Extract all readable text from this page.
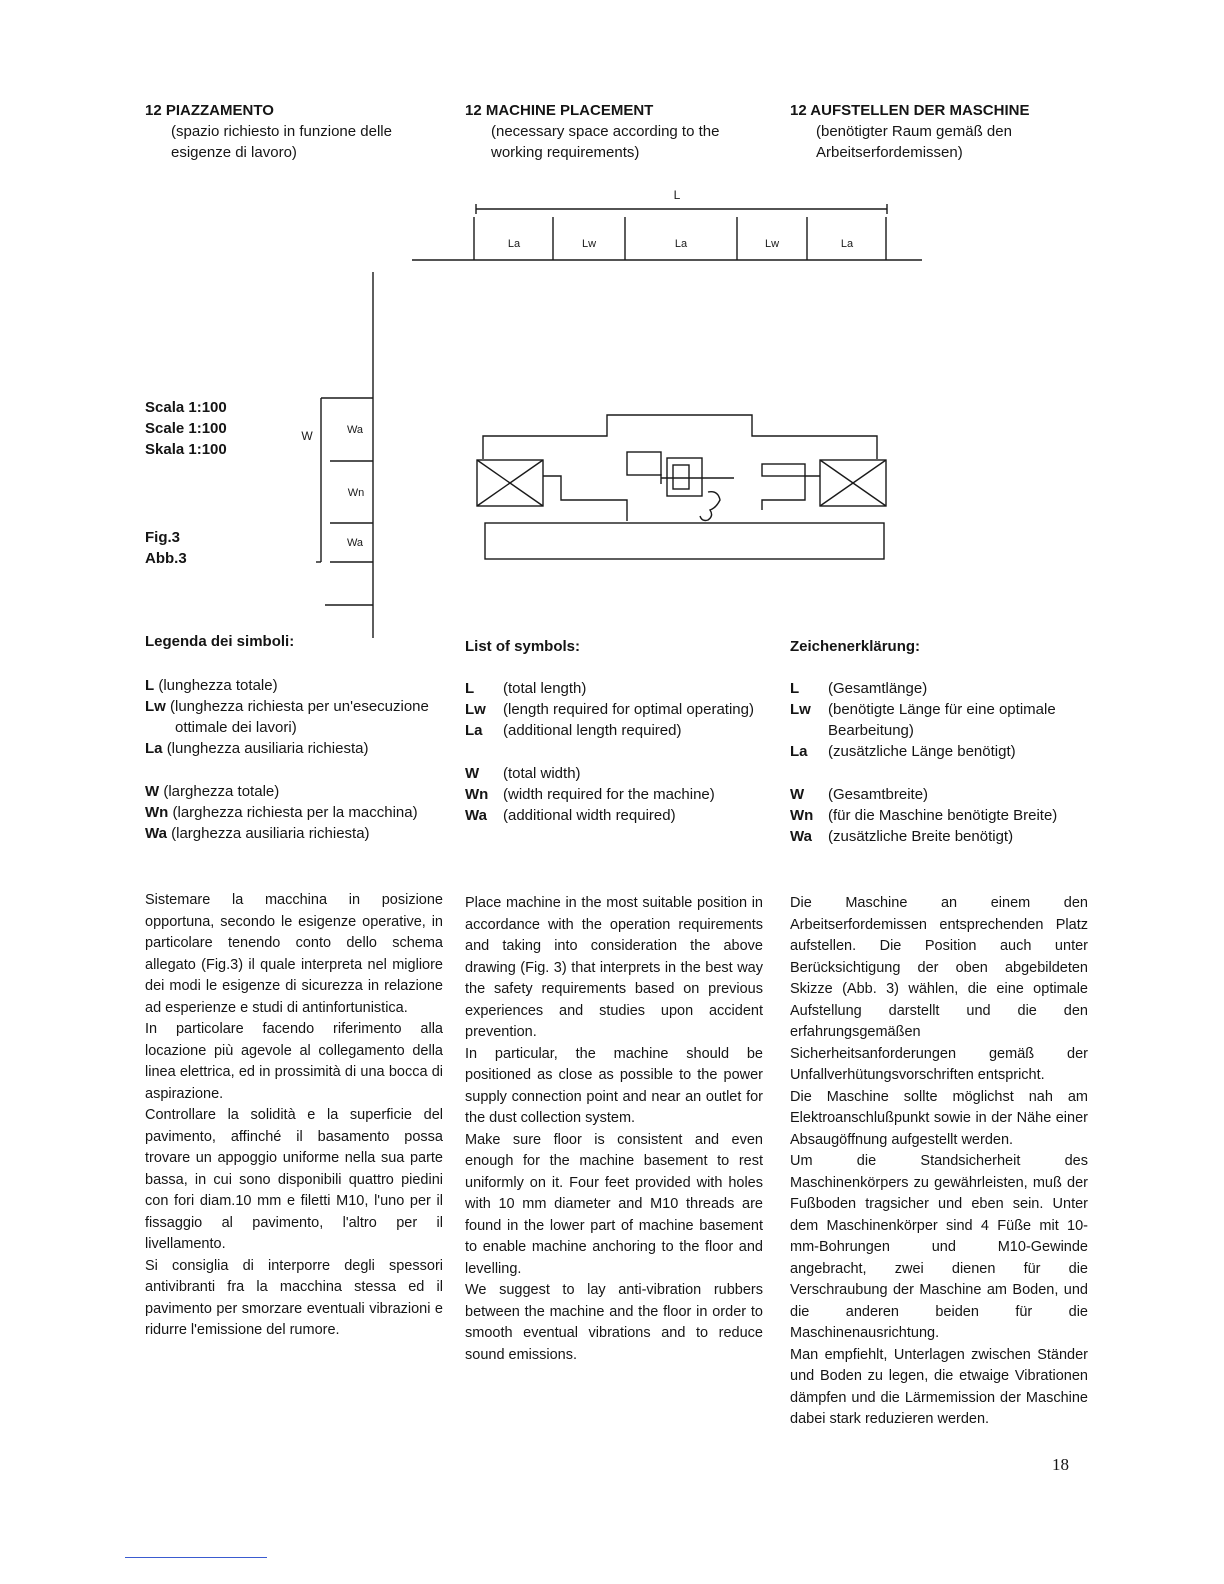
12 PIAZZAMENTO
(spazio richiesto in funzione delle
esigenze di lavoro)
12 MACHINE PLACEMENT
(necessary space according to the
working requirements)
12 AUFSTELLEN DER MASCHINE
(benötigter Raum gemäß den
Arbeitserfordemissen)
Scala 1:100
Scale 1:100
Skala 1:100
Fig.3
Abb.3
L
La	Lw	La	Lw	La
W	Wa
Wn
Wa
Legenda dei simboli:	List of symbols:	Zeichenerklärung:
L (lunghezza totale)
Lw (lunghezza richiesta per un'esecuzione
ottimale dei lavori)
La (lunghezza ausiliaria richiesta)
W (larghezza totale)
Wn (larghezza richiesta per la macchina)
Wa (larghezza ausiliaria richiesta)
L	(total length)
Lw	(length required for optimal operating)
La	(additional length required)
W	(total width)
Wn (width required for the machine)
Wa	(additional width required)
L	(Gesamtlänge)
Lw	(benötigte Länge für eine optimale
Bearbeitung)
La	(zusätzliche Länge benötigt)
W	(Gesamtbreite)
Wn (für die Maschine benötigte Breite)
Wa	(zusätzliche Breite benötigt)

Sistemare la macchina in posizione opportuna, secondo le esigenze operative, in particolare tenendo conto dello schema allegato (Fig.3) il quale interpreta nel migliore dei modi le esigenze di sicurezza in relazione ad esperienze e studi di antinfortunistica.

In particolare facendo riferimento alla locazione più agevole al collegamento della linea elettrica, ed in prossimità di una bocca di aspirazione.

Controllare la solidità e la superficie del pavimento, affinché il basamento possa trovare un appoggio uniforme nella sua parte bassa, in cui sono disponibili quattro piedini con fori diam.10 mm e filetti M10, l'uno per il fissaggio al pavimento, l'altro per il livellamento.

Si consiglia di interporre degli spessori antivibranti fra la macchina stessa ed il pavimento per smorzare eventuali vibrazioni e ridurre l'emissione del rumore.

Place machine in the most suitable position in accordance with the operation requirements and taking into consideration the above drawing (Fig. 3) that interprets in the best way the safety requirements based on previous experiences and studies upon accident prevention.

In particular, the machine should be positioned as close as possible to the power supply connection point and near an outlet for the dust collection system.

Make sure floor is consistent and even enough for the machine basement to rest uniformly on it. Four feet provided with holes with 10 mm diameter and M10 threads are found in the lower part of machine basement to enable machine anchoring to the floor and levelling.

We suggest to lay anti-vibration rubbers between the machine and the floor in order to smooth eventual vibrations and to reduce sound emissions.

Die Maschine an einem den Arbeitserfordemissen entsprechenden Platz aufstellen. Die Position auch unter Berücksichtigung der oben abgebildeten Skizze (Abb. 3) wählen, die eine optimale Aufstellung darstellt und die den erfahrungsgemäßen Sicherheitsanforderungen gemäß der Unfallverhütungsvorschriften entspricht.

Die Maschine sollte möglichst nah am Elektroanschlußpunkt sowie in der Nähe einer Absaugöffnung aufgestellt werden.

Um die Standsicherheit des Maschinenkörpers zu gewährleisten, muß der Fußboden tragsicher und eben sein. Unter dem Maschinenkörper sind 4 Füße mit 10-mm-Bohrungen und M10-Gewinde angebracht, zwei dienen für die Verschraubung der Maschine am Boden, und die anderen beiden für die Maschinenausrichtung.

Man empfiehlt, Unterlagen zwischen Ständer und Boden zu legen, die etwaige Vibrationen dämpfen und die Lärmemission der Maschine dabei stark reduzieren werden.

18
